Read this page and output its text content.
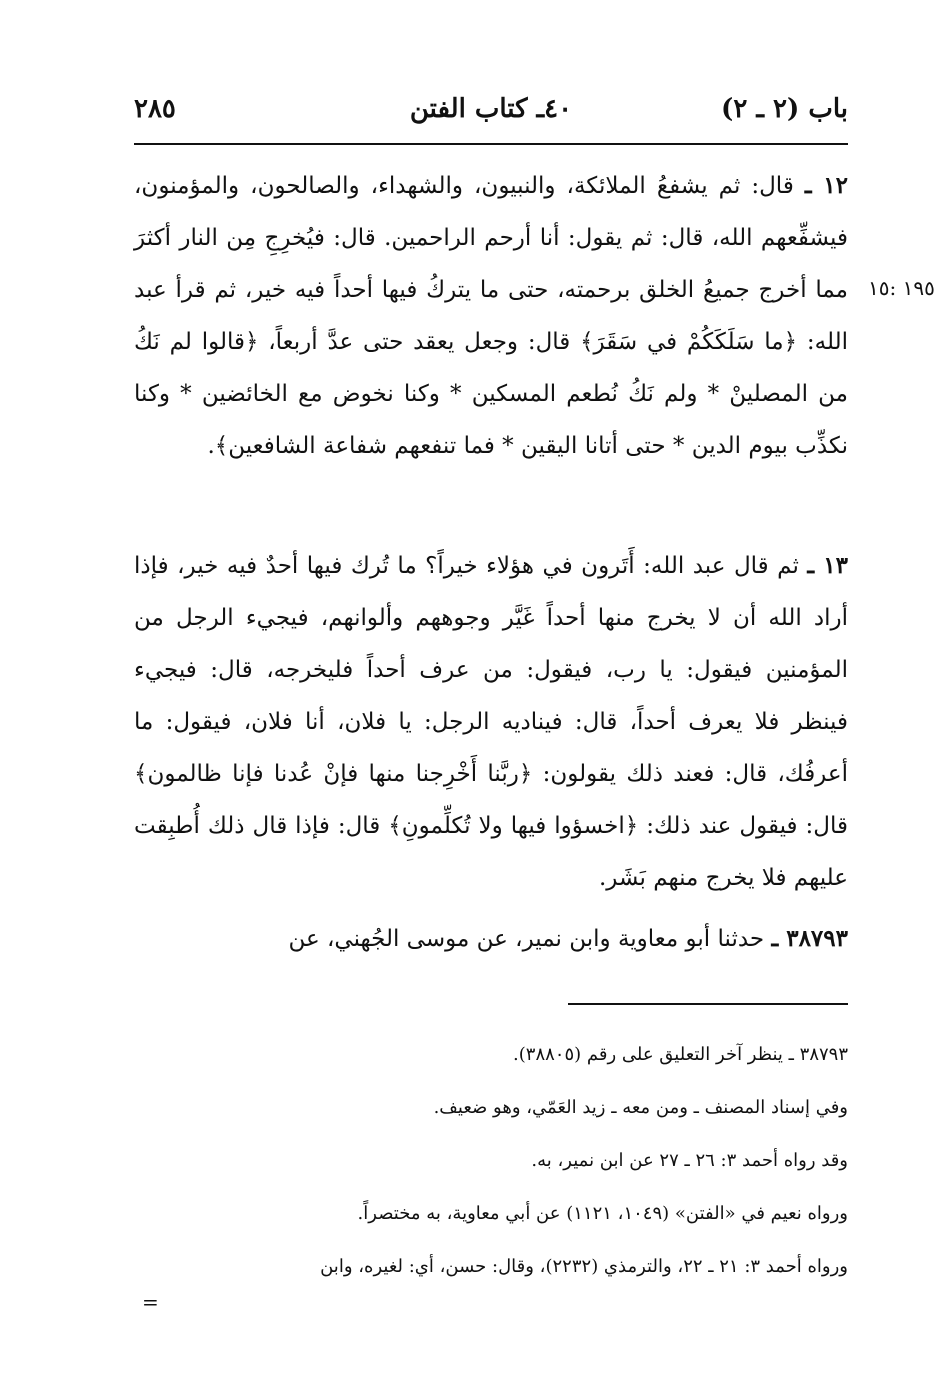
باب (٢ ـ ٢)
٤٠ـ كتاب الفتن
٢٨٥
١٩٥ :١٥

١٢ ـ قال: ثم يشفعُ الملائكة، والنبيون، والشهداء، والصالحون، والمؤمنون، فيشفِّعهم الله، قال: ثم يقول: أنا أرحم الراحمين. قال: فيُخرِجِ مِن النار أكثرَ مما أخرج جميعُ الخلق برحمته، حتى ما يتركُ فيها أحداً فيه خير، ثم قرأ عبد الله: ﴿ما سَلَكَكُمْ في سَقَرَ﴾ قال: وجعل يعقد حتى عدَّ أربعاً، ﴿قالوا لم نَكُ من المصلينْ * ولم نَكُ نُطعم المسكين * وكنا نخوض مع الخائضين * وكنا نكذِّب بيوم الدين * حتى أتانا اليقين * فما تنفعهم شفاعة الشافعين﴾.

١٣ ـ ثم قال عبد الله: أَتَرون في هؤلاء خيراً؟ ما تُرك فيها أحدٌ فيه خير، فإذا أراد الله أن لا يخرج منها أحداً غَيَّر وجوههم وألوانهم، فيجيء الرجل من المؤمنين فيقول: يا رب، فيقول: من عرف أحداً فليخرجه، قال: فيجيء فينظر فلا يعرف أحداً، قال: فيناديه الرجل: يا فلان، أنا فلان، فيقول: ما أعرفُك، قال: فعند ذلك يقولون: ﴿ربَّنا أَخْرِجنا منها فإنْ عُدنا فإنا ظالمون﴾ قال: فيقول عند ذلك: ﴿اخسؤوا فيها ولا تُكلِّمونِ﴾ قال: فإذا قال ذلك أُطبِقت عليهم فلا يخرج منهم بَشَر.

٣٨٧٩٣ ـ حدثنا أبو معاوية وابن نمير، عن موسى الجُهني، عن

٣٨٧٩٣ ـ ينظر آخر التعليق على رقم (٣٨٨٠٥).

وفي إسناد المصنف ـ ومن معه ـ زيد العَمّي، وهو ضعيف.

وقد رواه أحمد ٣: ٢٦ ـ ٢٧ عن ابن نمير، به.

ورواه نعيم في «الفتن» (١٠٤٩، ١١٢١) عن أبي معاوية، به مختصراً.

ورواه أحمد ٣: ٢١ ـ ٢٢، والترمذي (٢٢٣٢)، وقال: حسن، أي: لغيره، وابن

=
